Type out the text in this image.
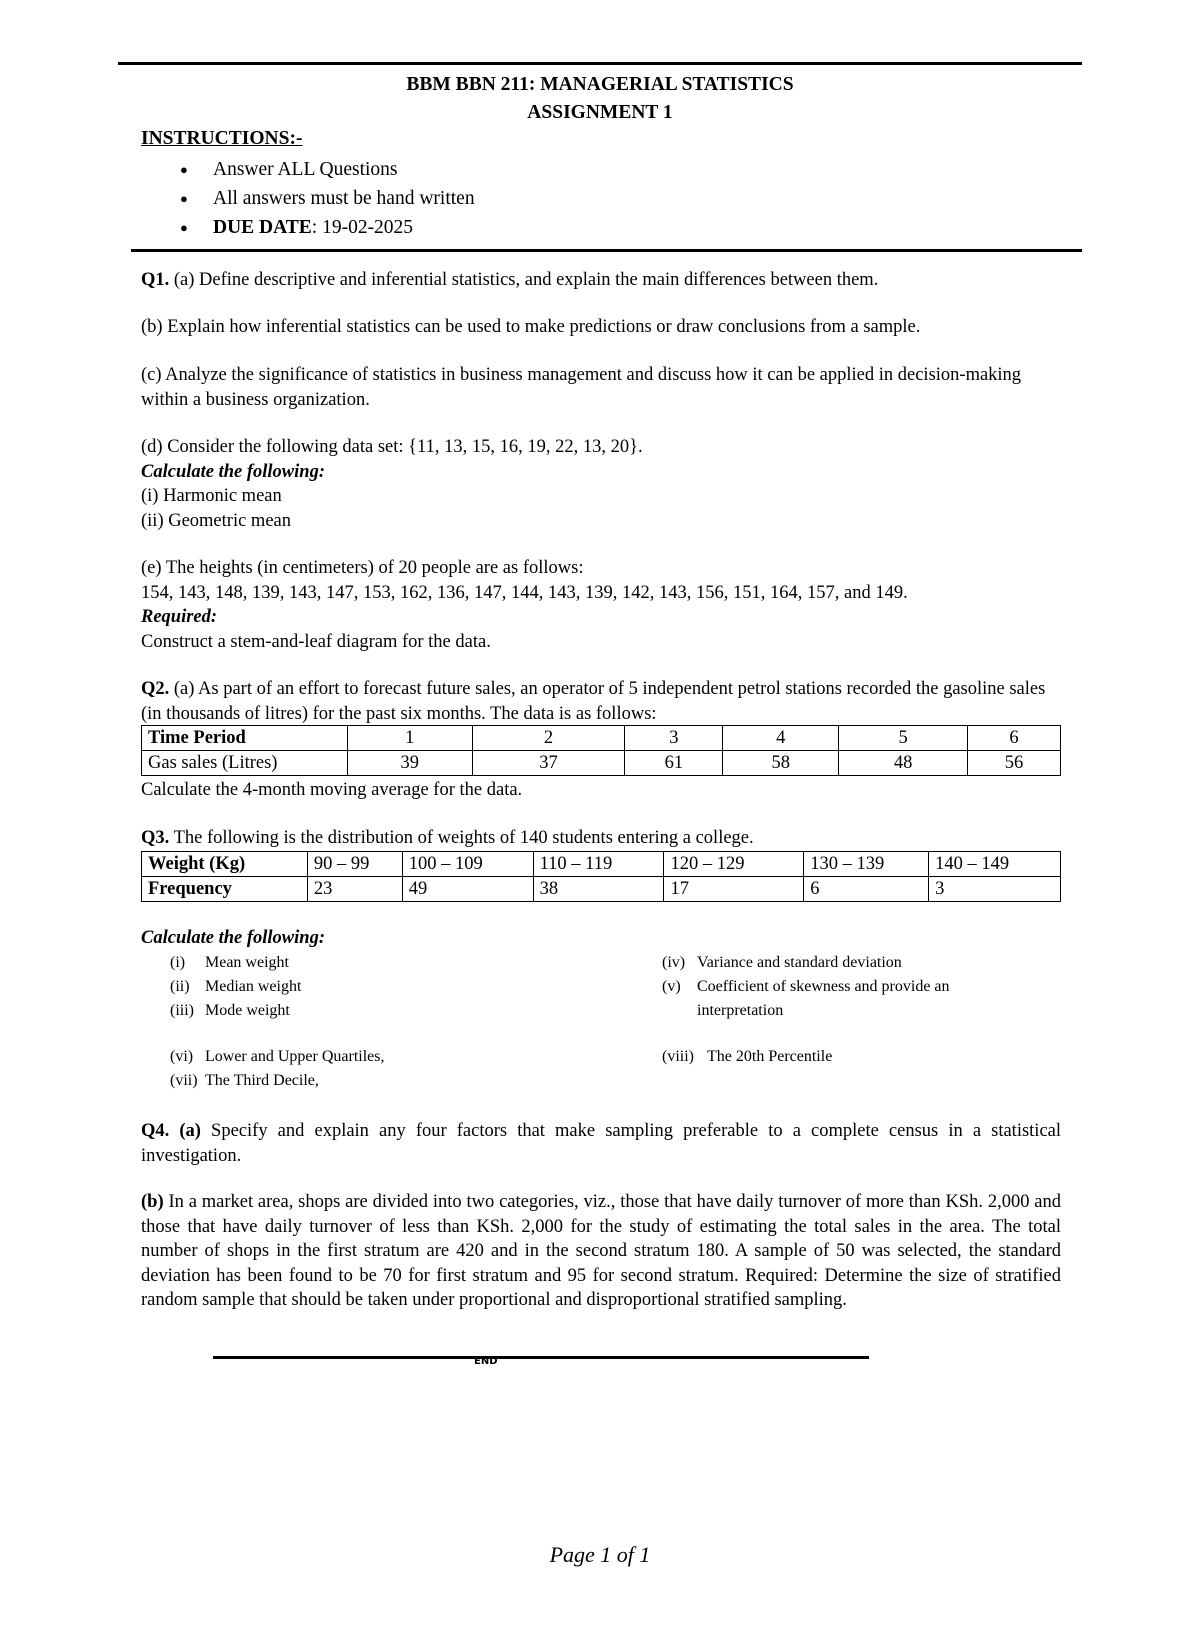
BBM BBN 211: MANAGERIAL STATISTICS
ASSIGNMENT 1
INSTRUCTIONS:-
● Answer ALL Questions
● All answers must be hand written
● DUE DATE: 19-02-2025
Q1. (a) Define descriptive and inferential statistics, and explain the main differences between them.
(b) Explain how inferential statistics can be used to make predictions or draw conclusions from a sample.
(c) Analyze the significance of statistics in business management and discuss how it can be applied in decision-making within a business organization.
(d) Consider the following data set: {11, 13, 15, 16, 19, 22, 13, 20}.
Calculate the following:
(i) Harmonic mean
(ii) Geometric mean
(e) The heights (in centimeters) of 20 people are as follows:
154, 143, 148, 139, 143, 147, 153, 162, 136, 147, 144, 143, 139, 142, 143, 156, 151, 164, 157, and 149.
Required:
Construct a stem-and-leaf diagram for the data.
Q2. (a) As part of an effort to forecast future sales, an operator of 5 independent petrol stations recorded the gasoline sales (in thousands of litres) for the past six months. The data is as follows:
Time Period	1	2	3	4	5	6
Gas sales (Litres)	39	37	61	58	48	56
Calculate the 4-month moving average for the data.
Q3. The following is the distribution of weights of 140 students entering a college.
Weight (Kg)	90 – 99	100 – 109	110 – 119	120 – 129	130 – 139	140 – 149
Frequency	23	49	38	17	6	3
Calculate the following:
(i) Mean weight
(ii) Median weight
(iii) Mode weight
(iv) Variance and standard deviation
(v) Coefficient of skewness and provide an
interpretation
(vi) Lower and Upper Quartiles,
(vii) The Third Decile,
(viii) The 20th Percentile
Q4. (a) Specify and explain any four factors that make sampling preferable to a complete census in a statistical investigation.
(b) In a market area, shops are divided into two categories, viz., those that have daily turnover of more than KSh. 2,000 and those that have daily turnover of less than KSh. 2,000 for the study of estimating the total sales in the area. The total number of shops in the first stratum are 420 and in the second stratum 180. A sample of 50 was selected, the standard deviation has been found to be 70 for first stratum and 95 for second stratum. Required: Determine the size of stratified random sample that should be taken under proportional and disproportional stratified sampling.
END
Page 1 of 1
